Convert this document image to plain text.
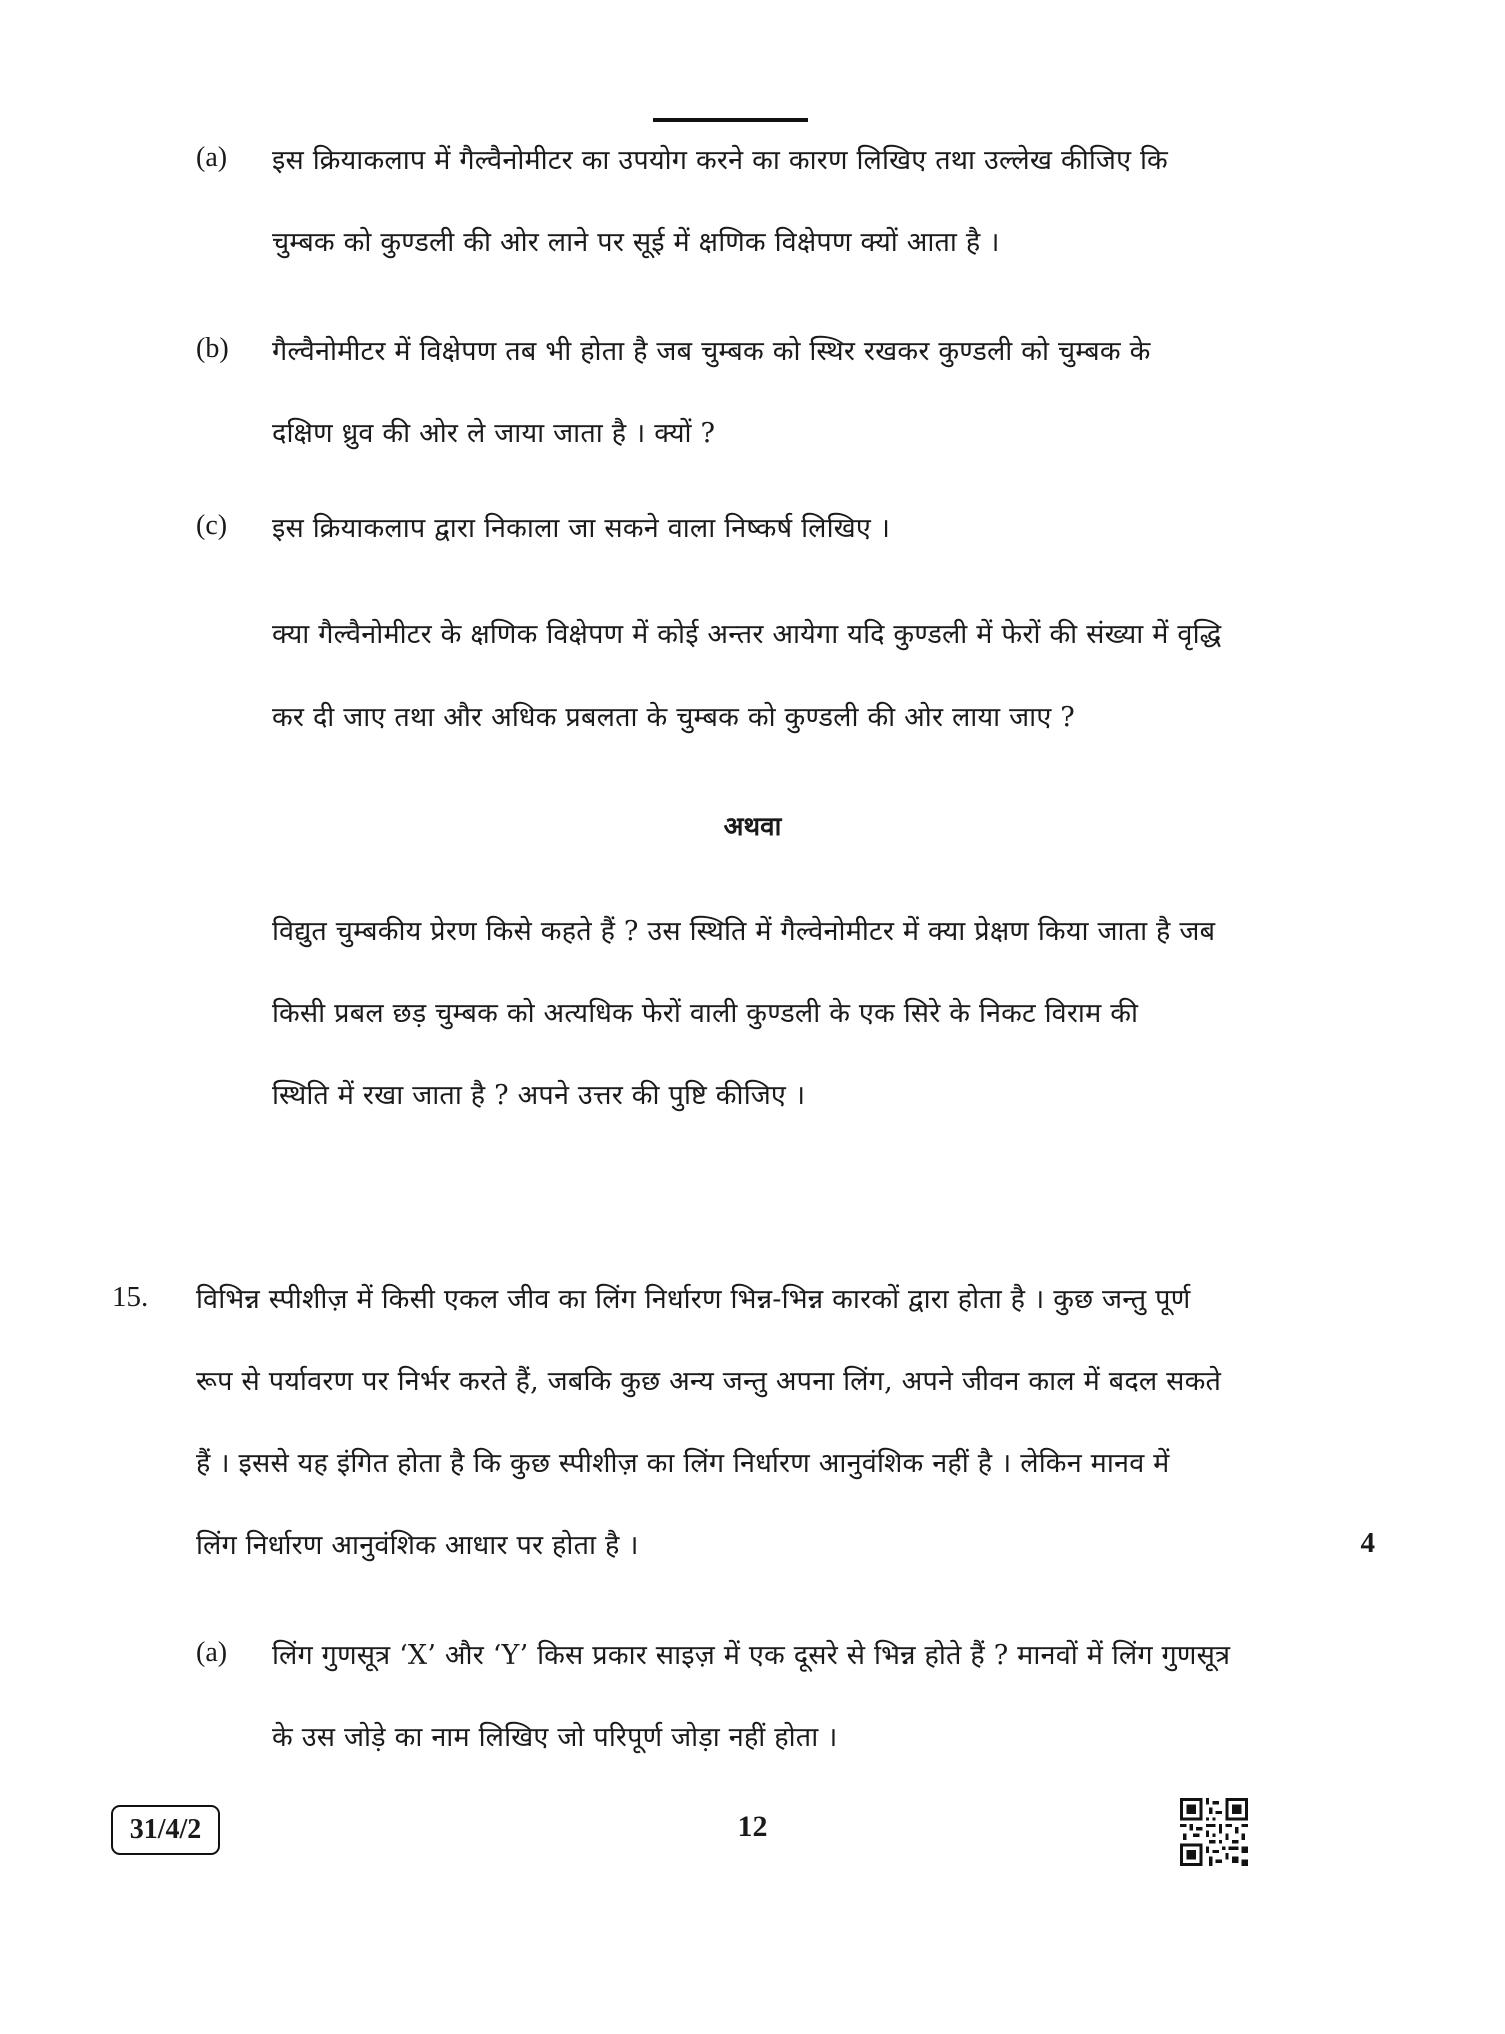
(a) इस क्रियाकलाप में गैल्वैनोमीटर का उपयोग करने का कारण लिखिए तथा उल्लेख कीजिए कि
चुम्बक को कुण्डली की ओर लाने पर सूई में क्षणिक विक्षेपण क्यों आता है ।
(b) गैल्वैनोमीटर में विक्षेपण तब भी होता है जब चुम्बक को स्थिर रखकर कुण्डली को चुम्बक के
दक्षिण ध्रुव की ओर ले जाया जाता है । क्यों ?
(c) इस क्रियाकलाप द्वारा निकाला जा सकने वाला निष्कर्ष लिखिए ।
क्या गैल्वैनोमीटर के क्षणिक विक्षेपण में कोई अन्तर आयेगा यदि कुण्डली में फेरों की संख्या में वृद्धि
कर दी जाए तथा और अधिक प्रबलता के चुम्बक को कुण्डली की ओर लाया जाए ?
अथवा
विद्युत चुम्बकीय प्रेरण किसे कहते हैं ? उस स्थिति में गैल्वेनोमीटर में क्या प्रेक्षण किया जाता है जब
किसी प्रबल छड़ चुम्बक को अत्यधिक फेरों वाली कुण्डली के एक सिरे के निकट विराम की
स्थिति में रखा जाता है ? अपने उत्तर की पुष्टि कीजिए ।
15. विभिन्न स्पीशीज़ में किसी एकल जीव का लिंग निर्धारण भिन्न-भिन्न कारकों द्वारा होता है । कुछ जन्तु पूर्ण
रूप से पर्यावरण पर निर्भर करते हैं, जबकि कुछ अन्य जन्तु अपना लिंग, अपने जीवन काल में बदल सकते
हैं । इससे यह इंगित होता है कि कुछ स्पीशीज़ का लिंग निर्धारण आनुवंशिक नहीं है । लेकिन मानव में
लिंग निर्धारण आनुवंशिक आधार पर होता है ।	4
(a) लिंग गुणसूत्र ‘X’ और ‘Y’ किस प्रकार साइज़ में एक दूसरे से भिन्न होते हैं ? मानवों में लिंग गुणसूत्र
के उस जोड़े का नाम लिखिए जो परिपूर्ण जोड़ा नहीं होता ।
31/4/2	12
